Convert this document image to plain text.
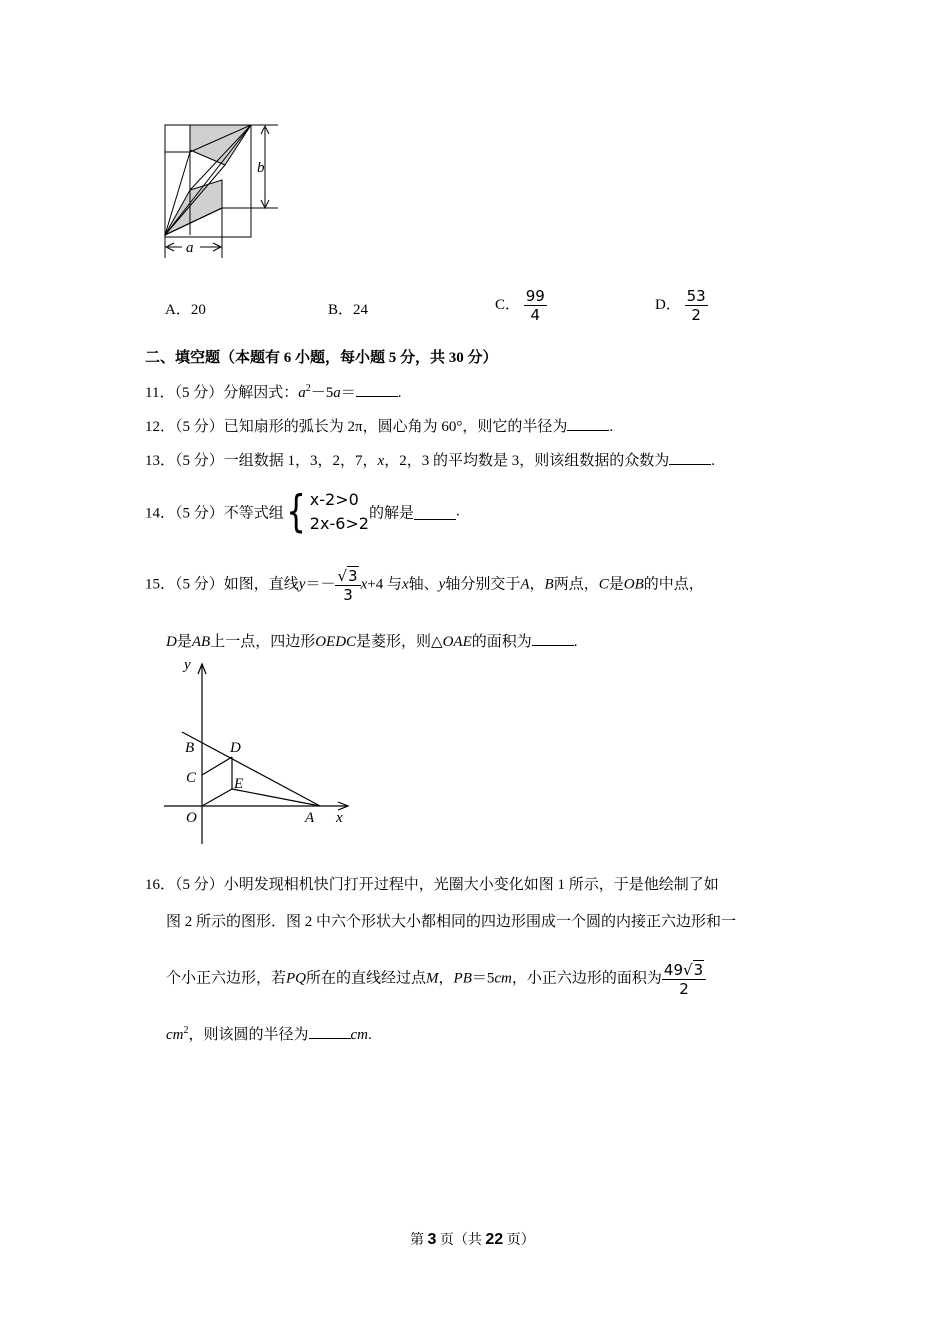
b
a
A．20	B．24	C． $\frac{99}{4}$	D． $\frac{53}{2}$
二、填空题（本题有 6 小题，每小题 5 分，共 30 分）
11．（5 分）分解因式：$a^2-5a=$	.
12．（5 分）已知扇形的弧长为 2π，圆心角为 60°，则它的半径为	.
13．（5 分）一组数据 1，3，2，7，x，2，3 的平均数是 3，则该组数据的众数为	.
14．（5 分）不等式组 { x-2>0
2x-6>2
的解是	.
15．（5 分）如图，直线$y=- \frac{√3}{3} x+4$ 与x轴、y轴分别交于A，B两点，C是OB的中点，
D是AB上一点，四边形OEDC是菱形，则△OAE的面积为	.
y
B D
C	E
O	A x
16．（5 分）小明发现相机快门打开过程中，光圈大小变化如图 1 所示，于是他绘制了如
图 2 所示的图形．图 2 中六个形状大小都相同的四边形围成一个圆的内接正六边形和一
个小正六边形，若PQ所在的直线经过点M，PB＝5cm，小正六边形的面积为 $\frac{49√3}{2}$
$cm^2$，则该圆的半径为	cm.
第 3 页（共 22 页）
